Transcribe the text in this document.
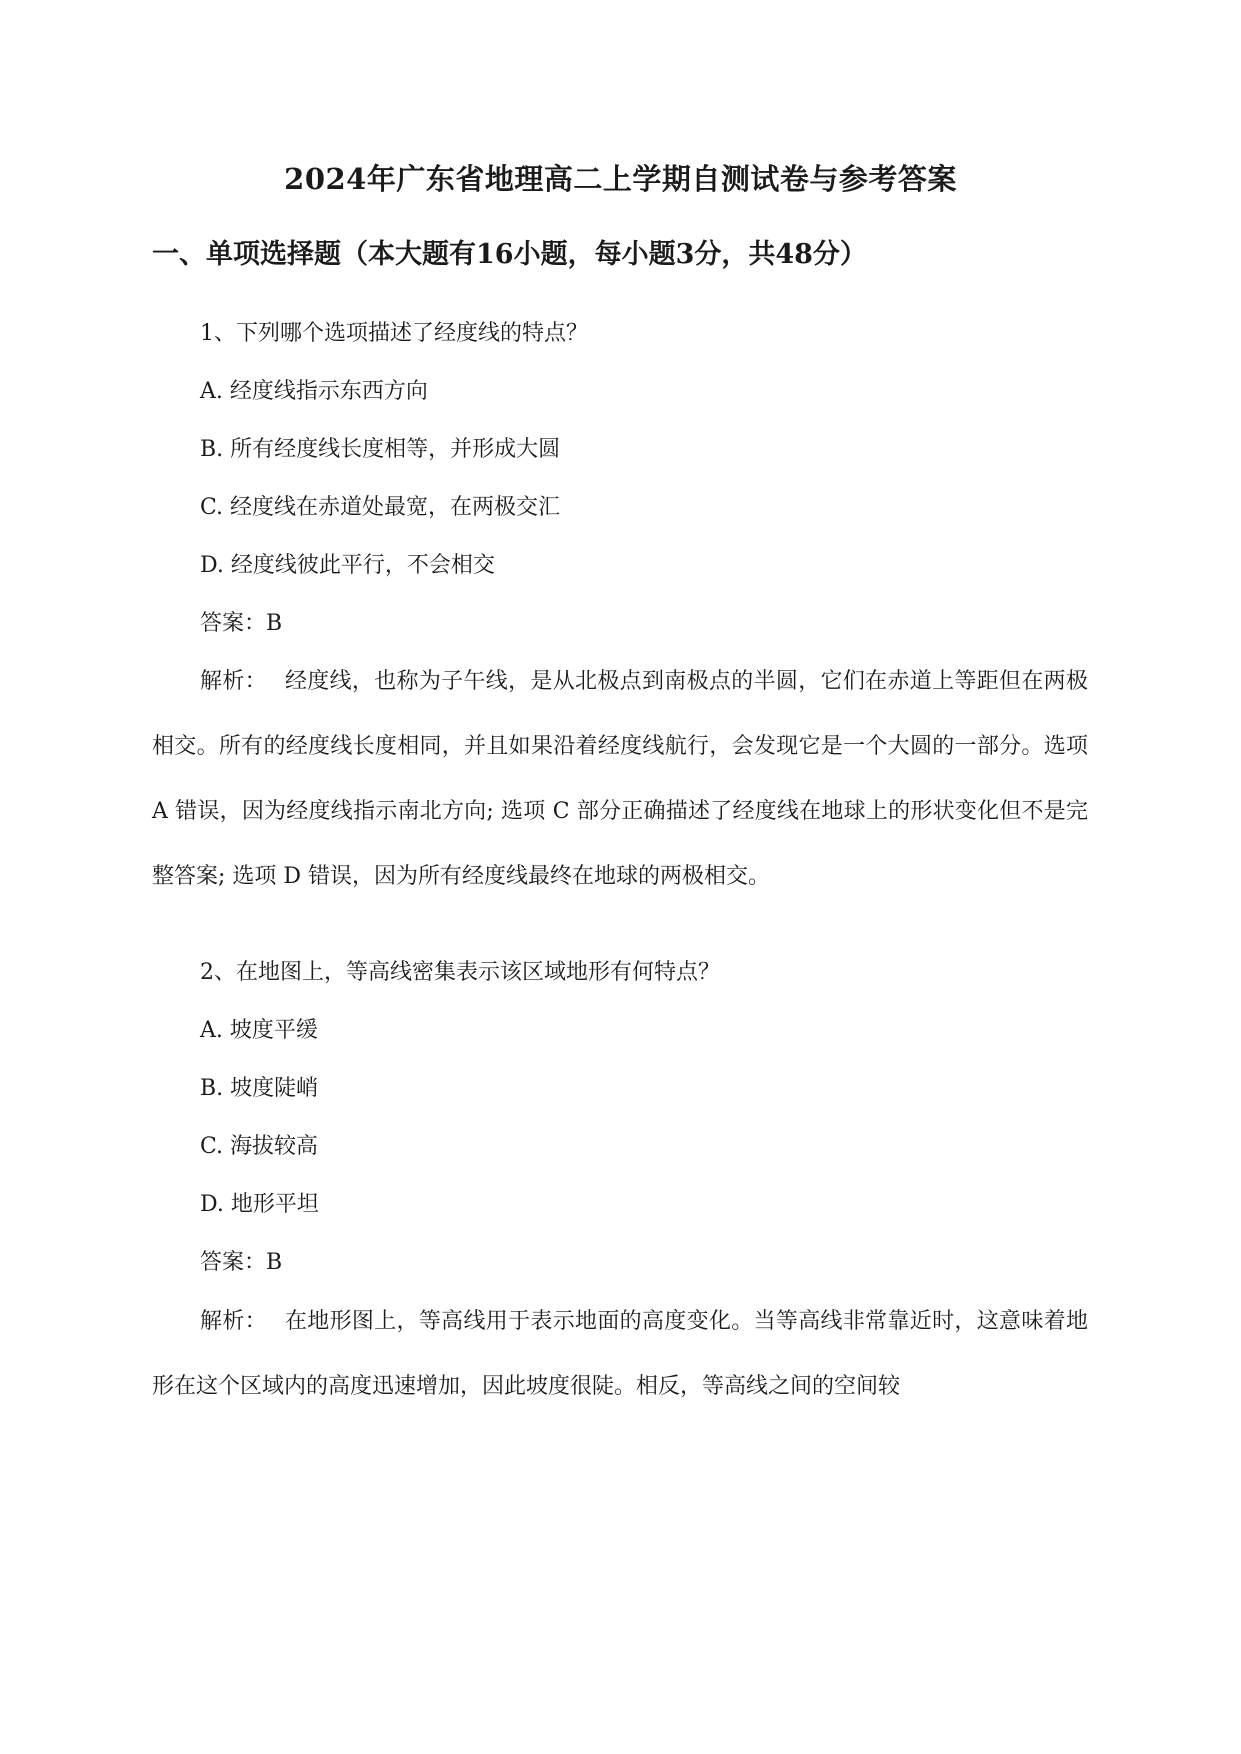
2024年广东省地理高二上学期自测试卷与参考答案
一、单项选择题（本大题有16小题，每小题3分，共48分）
1、下列哪个选项描述了经度线的特点？
A. 经度线指示东西方向
B. 所有经度线长度相等，并形成大圆
C. 经度线在赤道处最宽，在两极交汇
D. 经度线彼此平行，不会相交
答案：B
解析： 经度线，也称为子午线，是从北极点到南极点的半圆，它们在赤道上等距但在两极相交。所有的经度线长度相同，并且如果沿着经度线航行，会发现它是一个大圆的一部分。选项 A 错误，因为经度线指示南北方向; 选项 C 部分正确描述了经度线在地球上的形状变化但不是完整答案; 选项 D 错误，因为所有经度线最终在地球的两极相交。
2、在地图上，等高线密集表示该区域地形有何特点？
A. 坡度平缓
B. 坡度陡峭
C. 海拔较高
D. 地形平坦
答案：B
解析： 在地形图上，等高线用于表示地面的高度变化。当等高线非常靠近时，这意味着地形在这个区域内的高度迅速增加，因此坡度很陡。相反，等高线之间的空间较
